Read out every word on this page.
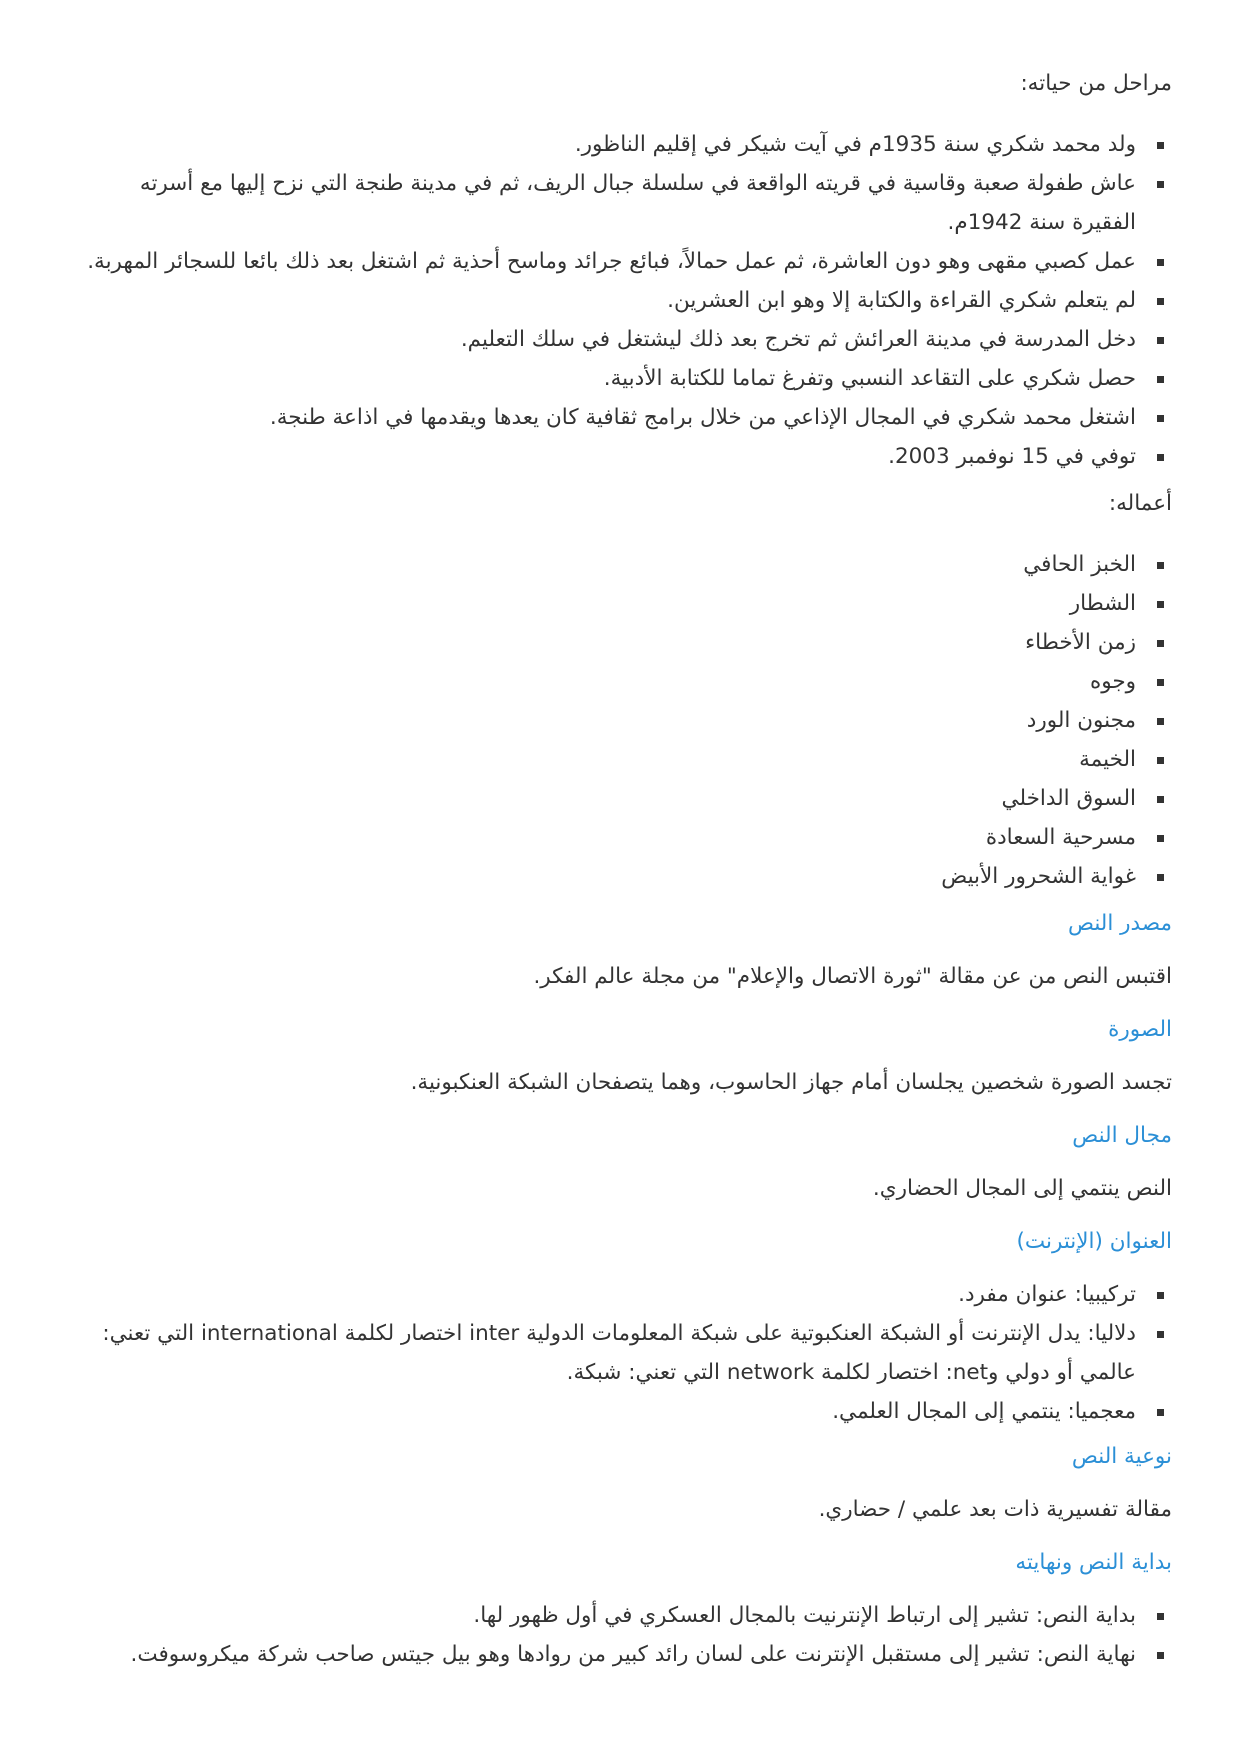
مراحل من حياته:
ولد محمد شكري سنة 1935م في آيت شيكر في إقليم الناظور.
عاش طفولة صعبة وقاسية في قريته الواقعة في سلسلة جبال الريف، ثم في مدينة طنجة التي نزح إليها مع أسرته الفقيرة سنة 1942م.
عمل كصبي مقهى وهو دون العاشرة، ثم عمل حمالاً، فبائع جرائد وماسح أحذية ثم اشتغل بعد ذلك بائعا للسجائر المهربة.
لم يتعلم شكري القراءة والكتابة إلا وهو ابن العشرين.
دخل المدرسة في مدينة العرائش ثم تخرج بعد ذلك ليشتغل في سلك التعليم.
حصل شكري على التقاعد النسبي وتفرغ تماما للكتابة الأدبية.
اشتغل محمد شكري في المجال الإذاعي من خلال برامج ثقافية كان يعدها ويقدمها في اذاعة طنجة.
توفي في 15 نوفمبر 2003.
أعماله:
الخبز الحافي
الشطار
زمن الأخطاء
وجوه
مجنون الورد
الخيمة
السوق الداخلي
مسرحية السعادة
غواية الشحرور الأبيض
مصدر النص

اقتبس النص من عن مقالة "ثورة الاتصال والإعلام" من مجلة عالم الفكر.

الصورة

تجسد الصورة شخصين يجلسان أمام جهاز الحاسوب، وهما يتصفحان الشبكة العنكبونية.

مجال النص

النص ينتمي إلى المجال الحضاري.

العنوان (الإنترنت)
تركيبيا: عنوان مفرد.
دلاليا: يدل الإنترنت أو الشبكة العنكبوتية على شبكة المعلومات الدولية inter اختصار لكلمة international التي تعني: عالمي أو دولي وnet: اختصار لكلمة network التي تعني: شبكة.
معجميا: ينتمي إلى المجال العلمي.
نوعية النص

مقالة تفسيرية ذات بعد علمي / حضاري.

بداية النص ونهايته
بداية النص: تشير إلى ارتباط الإنترنيت بالمجال العسكري في أول ظهور لها.
نهاية النص: تشير إلى مستقبل الإنترنت على لسان رائد كبير من روادها وهو بيل جيتس صاحب شركة ميكروسوفت.
